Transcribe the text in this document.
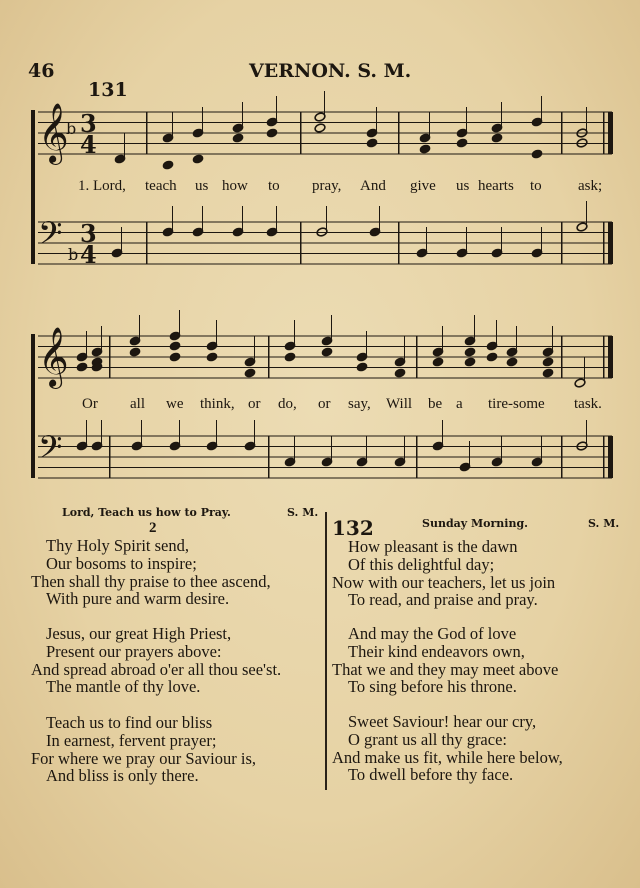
46	VERNON. S. M.
131
𝄞
𝄢
3
4
3
4
b
b
𝄞
𝄢
1. Lord, teach us how to pray, And give us hearts to ask;
Or all we think, or do, or say, Will be a tire-some task.
Lord, Teach us how to Pray.	S. M.
2
Thy Holy Spirit send,
Our bosoms to inspire;
Then shall thy praise to thee ascend,
With pure and warm desire.
Jesus, our great High Priest,
Present our prayers above:
And spread abroad o'er all thou see'st.
The mantle of thy love.
Teach us to find our bliss
In earnest, fervent prayer;
For where we pray our Saviour is,
And bliss is only there.
132	Sunday Morning.	S. M.
How pleasant is the dawn
Of this delightful day;
Now with our teachers, let us join
To read, and praise and pray.
And may the God of love
Their kind endeavors own,
That we and they may meet above
To sing before his throne.
Sweet Saviour! hear our cry,
O grant us all thy grace:
And make us fit, while here below,
To dwell before thy face.
